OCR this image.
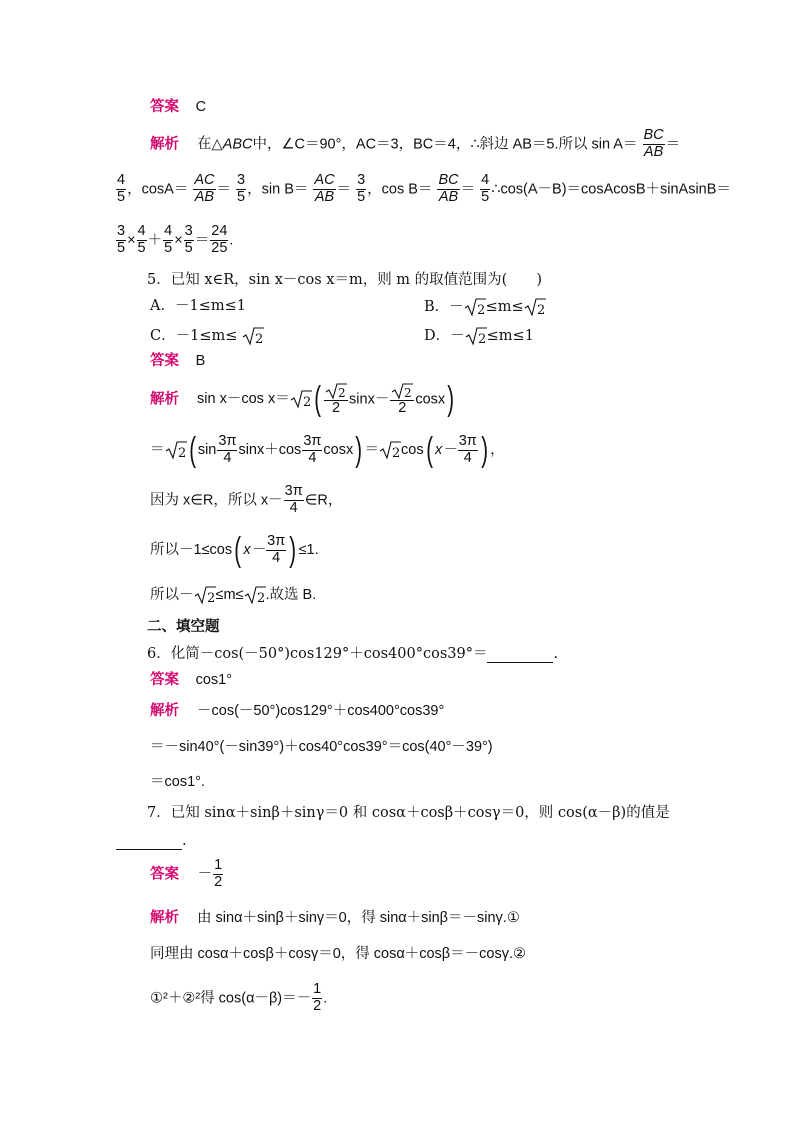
答案 C
解析 在△ABC中，∠C＝90°，AC＝3，BC＝4，∴斜边 AB＝5.所以 $\sin A= \frac{BC}{AB}$ ＝
$\frac{4}{5}$ ，$\cos A= \frac{AC}{AB} = \frac{3}{5}$ ，$\sin B= \frac{AC}{AB} = \frac{3}{5}$ ，$\cos B= \frac{BC}{AB} = \frac{4}{5}$ ∴cos(A－B)＝cosAcosB＋sinAsinB＝
$\frac{3}{5} \times \frac{4}{5} + \frac{4}{5} \times \frac{3}{5} = \frac{24}{25}$ .
5．已知 x∈R，sin x－cos x＝m，则 m 的取值范围为(　　)
A．－1≤m≤1	B．－ 2 ≤m≤ 2
C．－1≤m≤ 2	D．－ 2 ≤m≤1
答案 B
解析 sin x－cos x＝ 2 ( $\frac{2}{2} \sin x- \frac{2}{2} \cos x$)
＝ 2 ( $\sin \frac{3\pi}{4} \sin x+\cos \frac{3\pi}{4} \cos x) = 2$ cos( $x- \frac{3\pi}{4}$ ) ，
因为 x∈R，所以 $x- \frac{3\pi}{4}$ ∈R，
所以－1≤cos( $x- \frac{3\pi}{4}$ ) ≤1.
所以－ 2 ≤m≤ 2 .故选 B.
二、填空题
6．化简－cos(－50°)cos129°＋cos400°cos39°＝	.
答案 cos1°
解析 －cos(－50°)cos129°＋cos400°cos39°
＝－sin40°(－sin39°)＋cos40°cos39°＝cos(40°－39°)
＝cos1°.
7．已知 sinα＋sinβ＋sinγ＝0 和 cosα＋cosβ＋cosγ＝0，则 cos(α－β)的值是
.
答案 － $\frac{1}{2}$
解析 由 sinα＋sinβ＋sinγ＝0，得 sinα＋sinβ＝－sinγ.①
同理由 cosα＋cosβ＋cosγ＝0，得 cosα＋cosβ＝－cosγ.②
①²＋②²得 $\cos(\alpha-\beta)=- \frac{1}{2}$ .
